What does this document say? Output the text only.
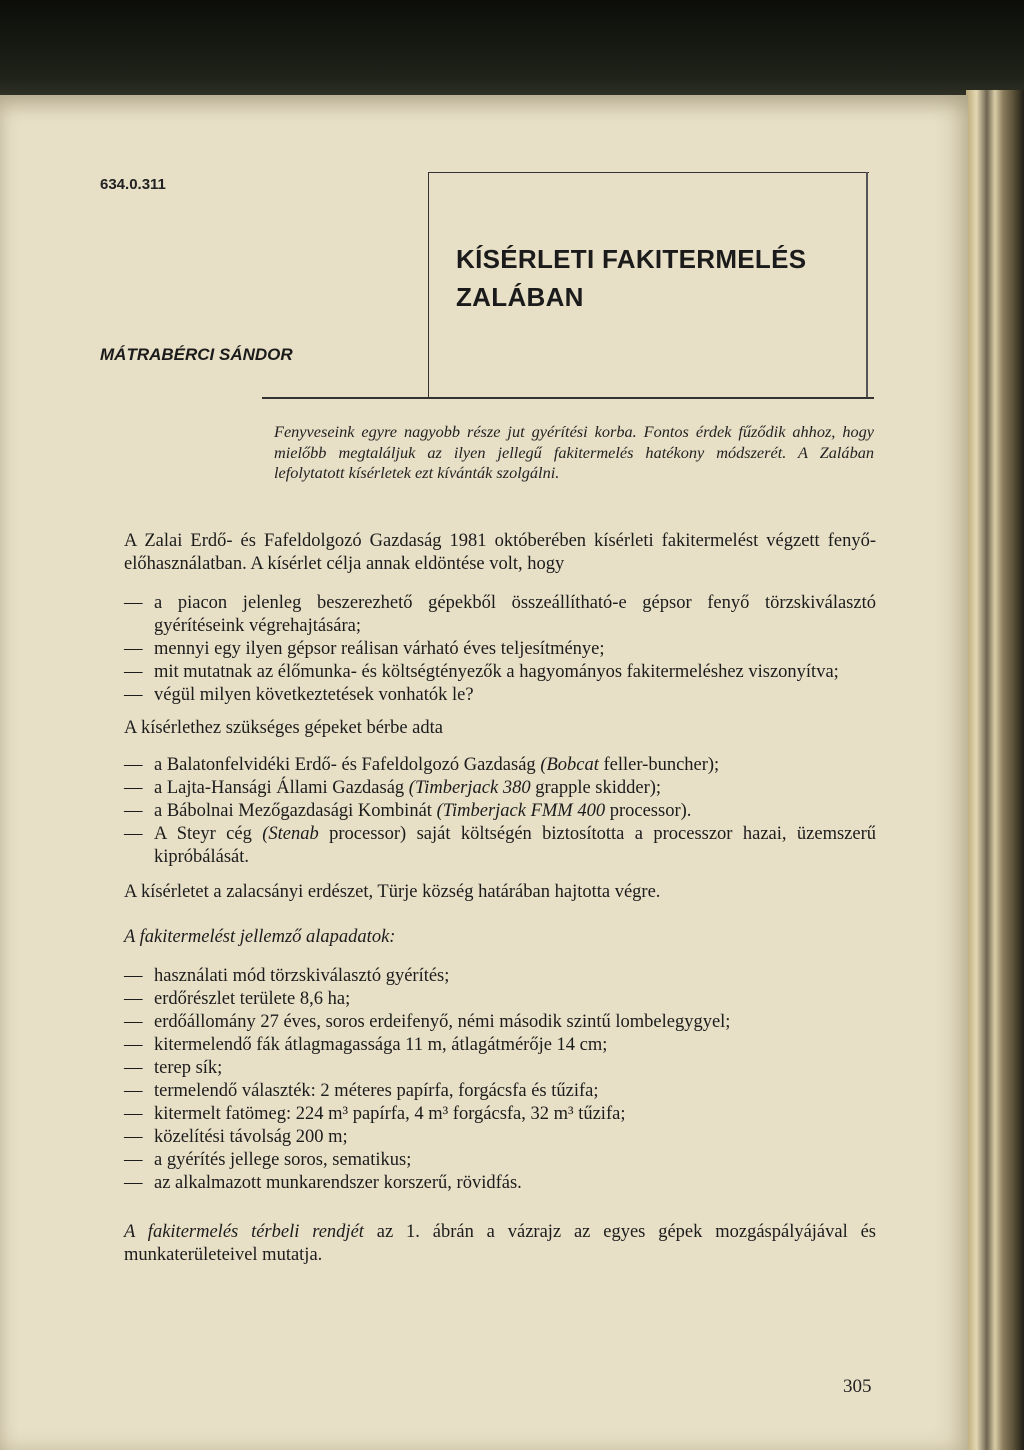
634.0.311
KÍSÉRLETI FAKITERMELÉS
ZALÁBAN
MÁTRABÉRCI SÁNDOR
Fenyveseink egyre nagyobb része jut gyérítési korba. Fontos érdek fűződik ahhoz, hogy mielőbb megtaláljuk az ilyen jellegű fakitermelés hatékony módszerét. A Zalában lefolytatott kísérletek ezt kívánták szolgálni.

A Zalai Erdő- és Fafeldolgozó Gazdaság 1981 októberében kísérleti fakitermelést végzett fenyő-előhasználatban. A kísérlet célja annak eldöntése volt, hogy

— a piacon jelenleg beszerezhető gépekből összeállítható-e gépsor fenyő törzskiválasztó gyérítéseink végrehajtására;

— mennyi egy ilyen gépsor reálisan várható éves teljesítménye;

— mit mutatnak az élőmunka- és költségtényezők a hagyományos fakitermeléshez viszonyítva;

— végül milyen következtetések vonhatók le?

A kísérlethez szükséges gépeket bérbe adta

— a Balatonfelvidéki Erdő- és Fafeldolgozó Gazdaság (Bobcat feller-buncher);

— a Lajta-Hansági Állami Gazdaság (Timberjack 380 grapple skidder);

— a Bábolnai Mezőgazdasági Kombinát (Timberjack FMM 400 processor).

— A Steyr cég (Stenab processor) saját költségén biztosította a processzor hazai, üzemszerű kipróbálását.

A kísérletet a zalacsányi erdészet, Türje község határában hajtotta végre.

A fakitermelést jellemző alapadatok:

— használati mód törzskiválasztó gyérítés;

— erdőrészlet területe 8,6 ha;

— erdőállomány 27 éves, soros erdeifenyő, némi második szintű lombelegygyel;

— kitermelendő fák átlagmagassága 11 m, átlagátmérője 14 cm;

— terep sík;

— termelendő választék: 2 méteres papírfa, forgácsfa és tűzifa;

— kitermelt fatömeg: 224 m³ papírfa, 4 m³ forgácsfa, 32 m³ tűzifa;

— közelítési távolság 200 m;

— a gyérítés jellege soros, sematikus;

— az alkalmazott munkarendszer korszerű, rövidfás.

A fakitermelés térbeli rendjét az 1. ábrán a vázrajz az egyes gépek mozgáspályájával és munkaterületeivel mutatja.

305
